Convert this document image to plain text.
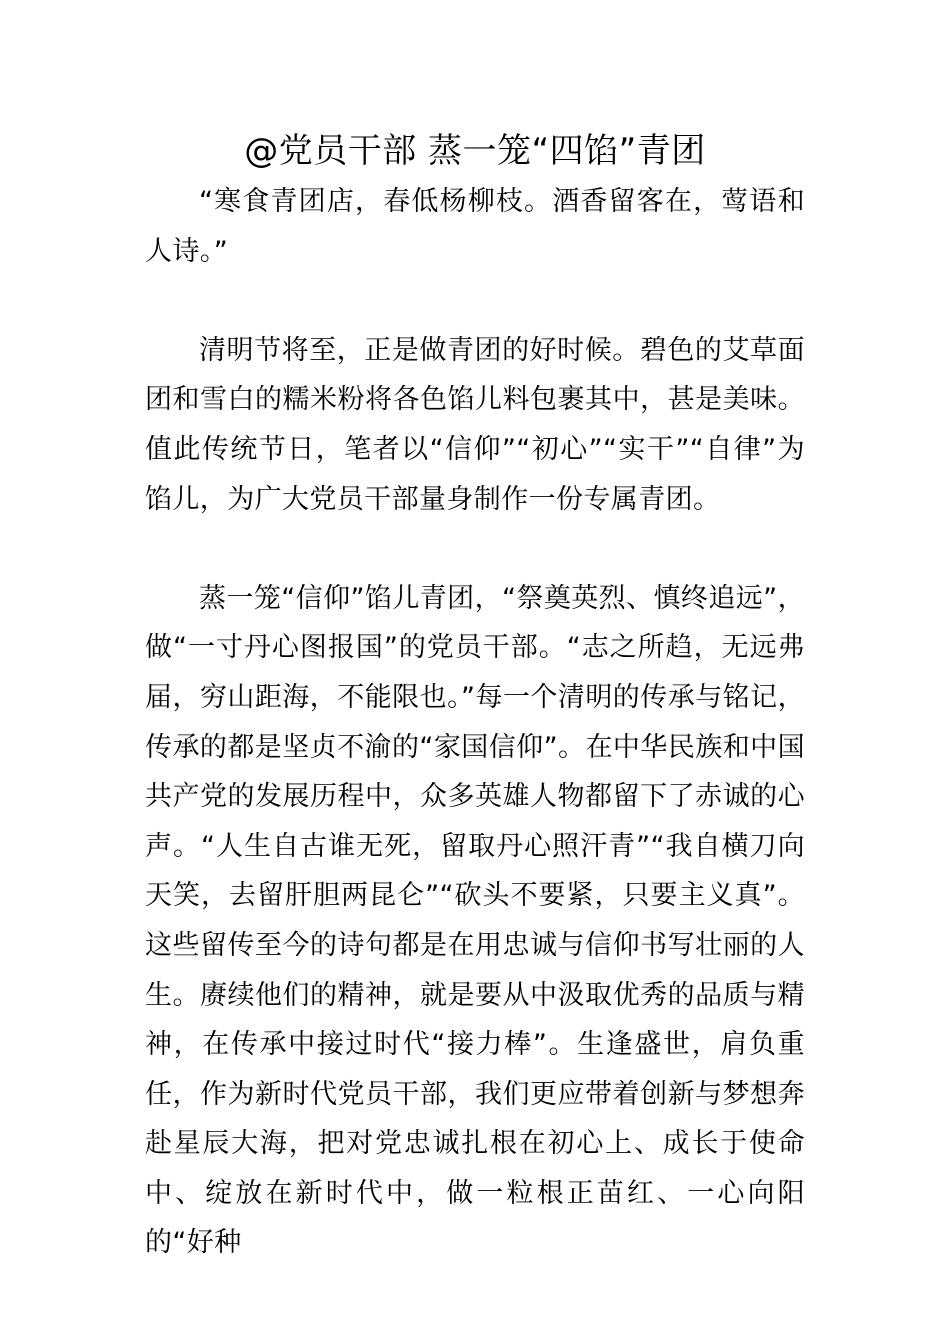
@党员干部 蒸一笼“四馅”青团

“寒食青团店，春低杨柳枝。酒香留客在，莺语和人诗。”

清明节将至，正是做青团的好时候。碧色的艾草面团和雪白的糯米粉将各色馅儿料包裹其中，甚是美味。值此传统节日，笔者以“信仰”“初心”“实干”“自律”为馅儿，为广大党员干部量身制作一份专属青团。

蒸一笼“信仰”馅儿青团，“祭奠英烈、慎终追远”，做“一寸丹心图报国”的党员干部。“志之所趋，无远弗届，穷山距海，不能限也。”每一个清明的传承与铭记，传承的都是坚贞不渝的“家国信仰”。在中华民族和中国共产党的发展历程中，众多英雄人物都留下了赤诚的心声。“人生自古谁无死，留取丹心照汗青”“我自横刀向天笑，去留肝胆两昆仑”“砍头不要紧，只要主义真”。这些留传至今的诗句都是在用忠诚与信仰书写壮丽的人生。赓续他们的精神，就是要从中汲取优秀的品质与精神，在传承中接过时代“接力棒”。生逢盛世，肩负重任，作为新时代党员干部，我们更应带着创新与梦想奔赴星辰大海，把对党忠诚扎根在初心上、成长于使命中、绽放在新时代中，做一粒根正苗红、一心向阳的“好种
